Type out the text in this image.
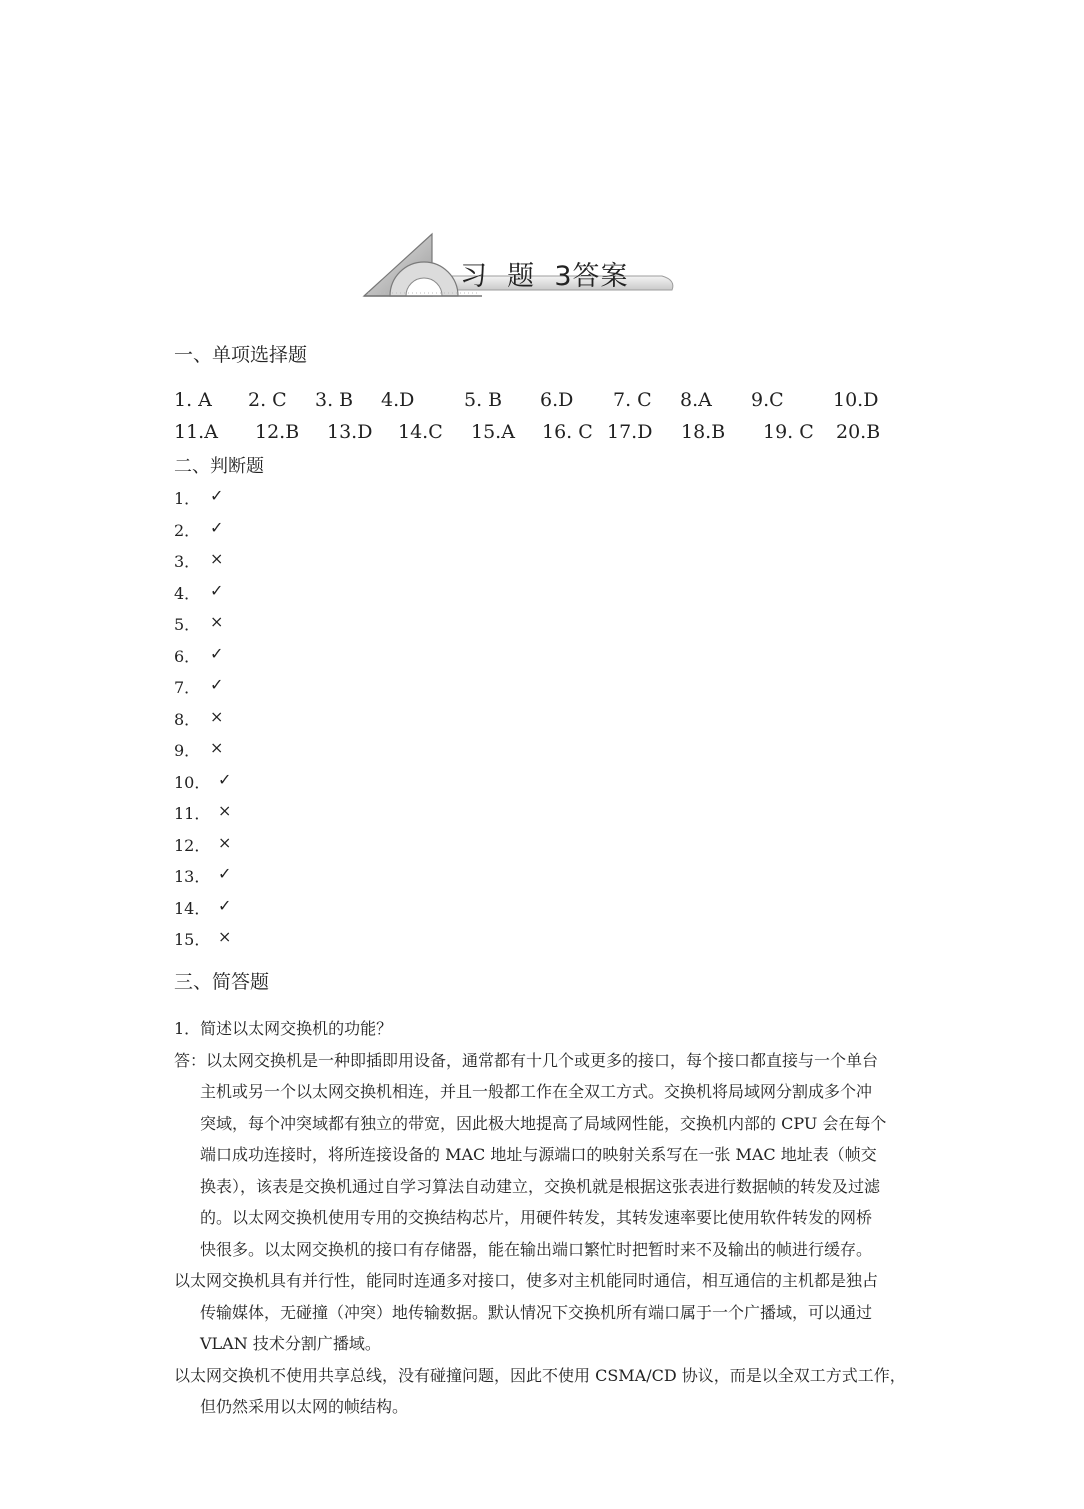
习  题  3答案
一、单项选择题
1. A 2. C 3. B 4.D	5. B 6.D 7. C 8.A 9.C	10.D
11.A 12.B 13.D 14.C 15.A 16. C 17.D 18.B 19. C 20.B
二、判断题
1． ✓
2． ✓
3． ×
4． ✓
5． ×
6． ✓
7． ✓
8． ×
9． ×
10． ✓
11． ×
12． ×
13． ✓
14． ✓
15． ×
三、简答题
1．简述以太网交换机的功能？
答：以太网交换机是一种即插即用设备，通常都有十几个或更多的接口，每个接口都直接与一个单台
主机或另一个以太网交换机相连，并且一般都工作在全双工方式。交换机将局域网分割成多个冲
突域，每个冲突域都有独立的带宽，因此极大地提高了局域网性能，交换机内部的 CPU 会在每个
端口成功连接时，将所连接设备的 MAC 地址与源端口的映射关系写在一张 MAC 地址表（帧交
换表），该表是交换机通过自学习算法自动建立，交换机就是根据这张表进行数据帧的转发及过滤
的。以太网交换机使用专用的交换结构芯片，用硬件转发，其转发速率要比使用软件转发的网桥
快很多。以太网交换机的接口有存储器，能在输出端口繁忙时把暂时来不及输出的帧进行缓存。
以太网交换机具有并行性，能同时连通多对接口，使多对主机能同时通信，相互通信的主机都是独占
传输媒体，无碰撞（冲突）地传输数据。默认情况下交换机所有端口属于一个广播域，可以通过
VLAN 技术分割广播域。
以太网交换机不使用共享总线，没有碰撞问题，因此不使用 CSMA/CD 协议，而是以全双工方式工作，
但仍然采用以太网的帧结构。
